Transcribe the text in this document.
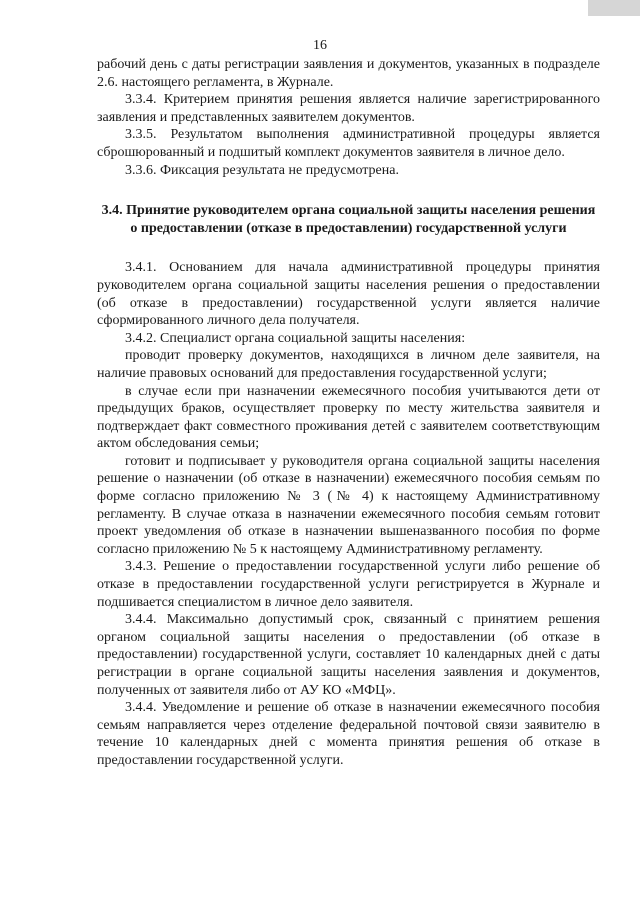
16

рабочий день с даты регистрации заявления и документов, указанных в подразделе 2.6. настоящего регламента, в Журнале.

3.3.4. Критерием принятия решения является наличие зарегистрированного заявления и представленных заявителем документов.

3.3.5. Результатом выполнения административной процедуры является сброшюрованный и подшитый комплект документов заявителя в личное дело.

3.3.6. Фиксация результата не предусмотрена.

3.4. Принятие руководителем органа социальной защиты населения решения о предоставлении (отказе в предоставлении) государственной услуги

3.4.1. Основанием для начала административной процедуры принятия руководителем органа социальной защиты населения решения о предоставлении (об отказе в предоставлении) государственной услуги является наличие сформированного личного дела получателя.

3.4.2. Специалист органа социальной защиты населения:

проводит проверку документов, находящихся в личном деле заявителя, на наличие правовых оснований для предоставления государственной услуги;

в случае если при назначении ежемесячного пособия учитываются дети от предыдущих браков, осуществляет проверку по месту жительства заявителя и подтверждает факт совместного проживания детей с заявителем соответствующим актом обследования семьи;

готовит и подписывает у руководителя органа социальной защиты населения решение о назначении (об отказе в назначении) ежемесячного пособия семьям по форме согласно приложению № 3 (№ 4) к настоящему Административному регламенту. В случае отказа в назначении ежемесячного пособия семьям готовит проект уведомления об отказе в назначении вышеназванного пособия по форме согласно приложению № 5 к настоящему Административному регламенту.

3.4.3. Решение о предоставлении государственной услуги либо решение об отказе в предоставлении государственной услуги регистрируется в Журнале и подшивается специалистом в личное дело заявителя.

3.4.4. Максимально допустимый срок, связанный с принятием решения органом социальной защиты населения о предоставлении (об отказе в предоставлении) государственной услуги, составляет 10 календарных дней с даты регистрации в органе социальной защиты населения заявления и документов, полученных от заявителя либо от АУ КО «МФЦ».

3.4.4. Уведомление и решение об отказе в назначении ежемесячного пособия семьям направляется через отделение федеральной почтовой связи заявителю в течение 10 календарных дней с момента принятия решения об отказе в предоставлении государственной услуги.
